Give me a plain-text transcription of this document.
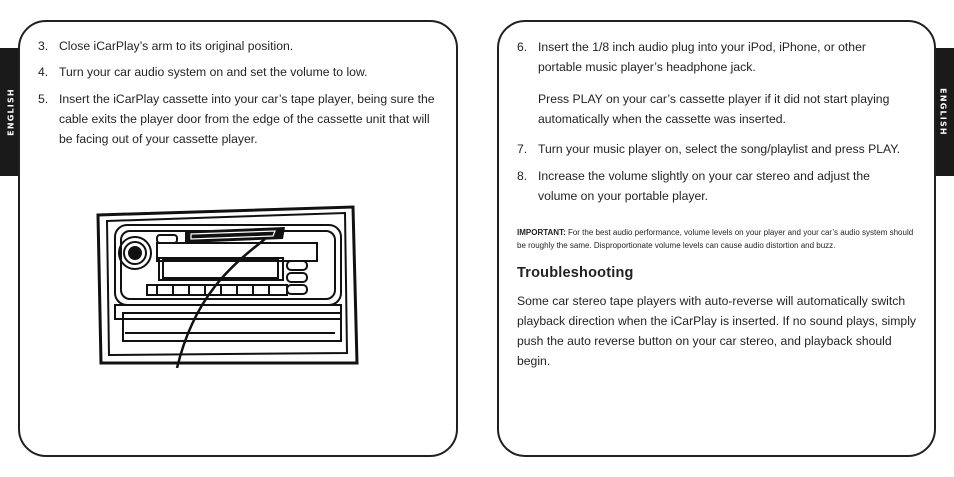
ENGLISH	ENGLISH
3. Close iCarPlay’s arm to its original position.
4. Turn your car audio system on and set the volume to low.
5. Insert the iCarPlay cassette into your car’s tape player, being sure the cable exits the player door from the edge of the cassette unit that will be facing out of your cassette player.
6. Insert the 1/8 inch audio plug into your iPod, iPhone, or other portable music player’s headphone jack.
Press PLAY on your car’s cassette player if it did not start playing automatically when the cassette was inserted.
7. Turn your music player on, select the song/playlist and press PLAY.
8. Increase the volume slightly on your car stereo and adjust the volume on your portable player.
IMPORTANT: For the best audio performance, volume levels on your player and your car’s audio system should be roughly the same. Disproportionate volume levels can cause audio distortion and buzz.
Troubleshooting
Some car stereo tape players with auto-reverse will automatically switch playback direction when the iCarPlay is inserted. If no sound plays, simply push the auto reverse button on your car stereo, and playback should begin.
